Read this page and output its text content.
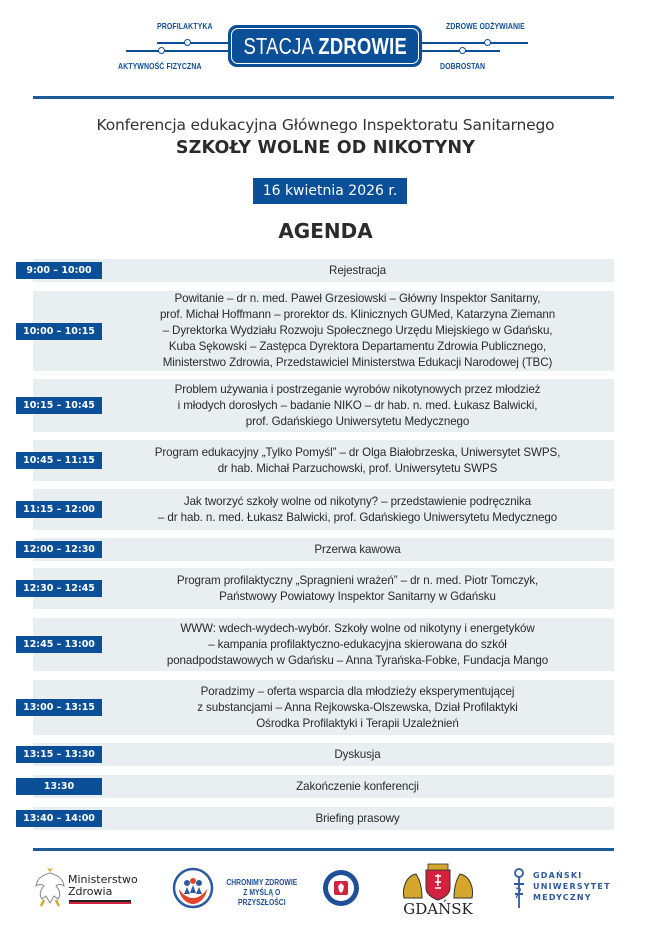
PROFILAKTYKA
AKTYWNOŚĆ FIZYCZNA
ZDROWE ODŻYWIANIE
DOBROSTAN
STACJA ZDROWIE
Konferencja edukacyjna Głównego Inspektoratu Sanitarnego
SZKOŁY WOLNE OD NIKOTYNY
16 kwietnia 2026 r.
AGENDA
Rejestracja
9:00 – 10:00
Powitanie – dr n. med. Paweł Grzesiowski – Główny Inspektor Sanitarny,
prof. Michał Hoffmann – prorektor ds. Klinicznych GUMed, Katarzyna Ziemann
– Dyrektorka Wydziału Rozwoju Społecznego Urzędu Miejskiego w Gdańsku,
Kuba Sękowski – Zastępca Dyrektora Departamentu Zdrowia Publicznego,
Ministerstwo Zdrowia, Przedstawiciel Ministerstwa Edukacji Narodowej (TBC)
10:00 – 10:15
Problem używania i postrzeganie wyrobów nikotynowych przez młodzież
i młodych dorosłych – badanie NIKO – dr hab. n. med. Łukasz Balwicki,
prof. Gdańskiego Uniwersytetu Medycznego
10:15 – 10:45
Program edukacyjny „Tylko Pomyśl” – dr Olga Białobrzeska, Uniwersytet SWPS,
dr hab. Michał Parzuchowski, prof. Uniwersytetu SWPS
10:45 – 11:15
Jak tworzyć szkoły wolne od nikotyny? – przedstawienie podręcznika
– dr hab. n. med. Łukasz Balwicki, prof. Gdańskiego Uniwersytetu Medycznego
11:15 – 12:00
Przerwa kawowa
12:00 – 12:30
Program profilaktyczny „Spragnieni wrażeń” – dr n. med. Piotr Tomczyk,
Państwowy Powiatowy Inspektor Sanitarny w Gdańsku
12:30 – 12:45
WWW: wdech-wydech-wybór. Szkoły wolne od nikotyny i energetyków
– kampania profilaktyczno-edukacyjna skierowana do szkół
ponadpodstawowych w Gdańsku – Anna Tyrańska-Fobke, Fundacja Mango
12:45 – 13:00
Poradzimy – oferta wsparcia dla młodzieży eksperymentującej
z substancjami – Anna Rejkowska-Olszewska, Dział Profilaktyki
Ośrodka Profilaktyki i Terapii Uzależnień
13:00 – 13:15
Dyskusja
13:15 – 13:30
Zakończenie konferencji
13:30
Briefing prasowy
13:40 – 14:00
Ministerstwo
Zdrowia
CHRONIMY ZDROWIE
Z MYŚLĄ O PRZYSZŁOŚCI	GDAŃSK
GDAŃSKI
UNIWERSYTET
MEDYCZNY
